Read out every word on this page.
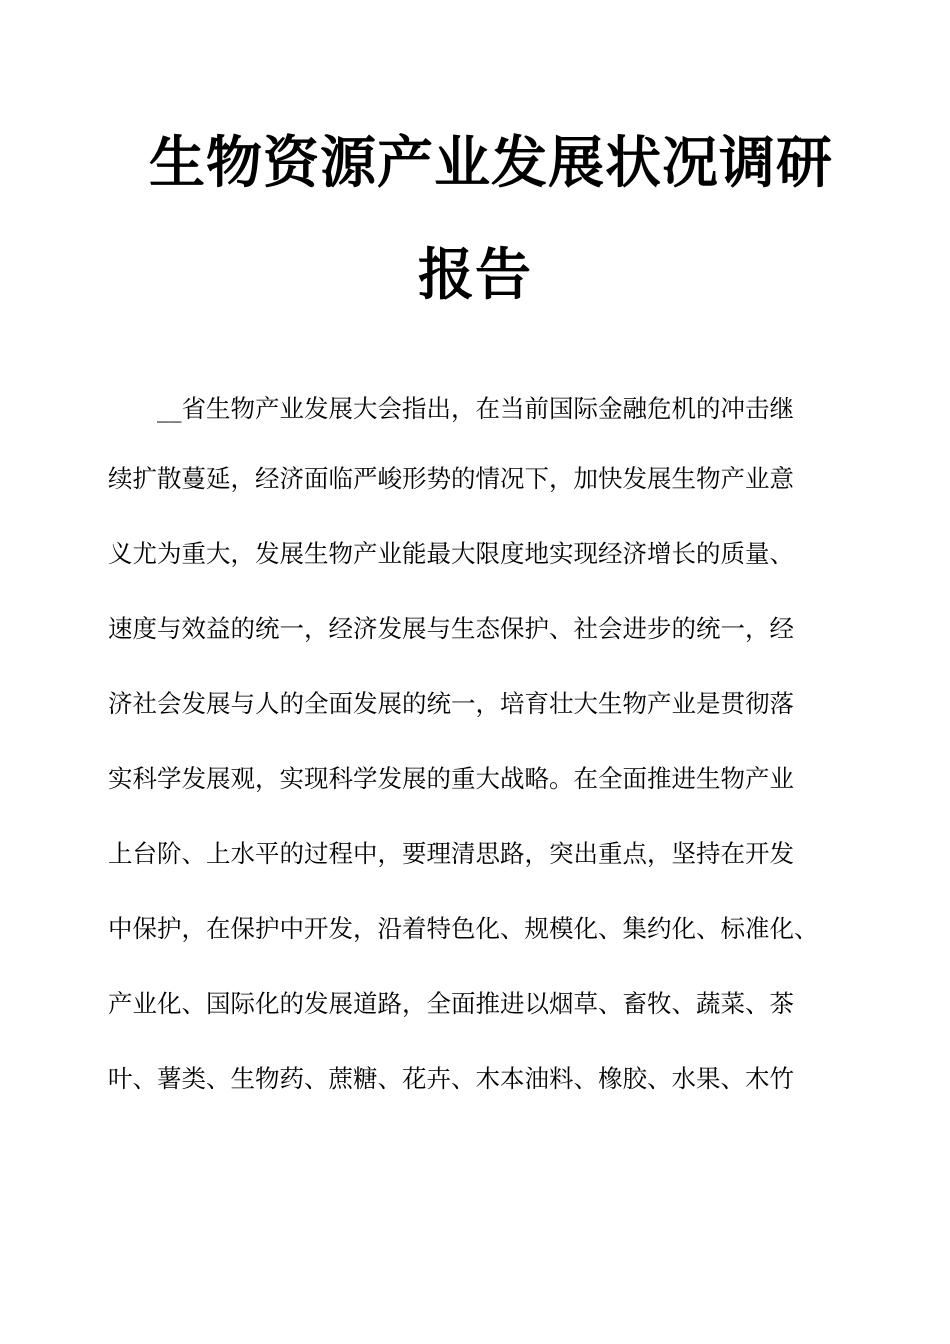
生物资源产业发展状况调研
报告
__省生物产业发展大会指出，在当前国际金融危机的冲击继
续扩散蔓延，经济面临严峻形势的情况下，加快发展生物产业意
义尤为重大，发展生物产业能最大限度地实现经济增长的质量、
速度与效益的统一，经济发展与生态保护、社会进步的统一，经
济社会发展与人的全面发展的统一，培育壮大生物产业是贯彻落
实科学发展观，实现科学发展的重大战略。在全面推进生物产业
上台阶、上水平的过程中，要理清思路，突出重点，坚持在开发
中保护，在保护中开发，沿着特色化、规模化、集约化、标准化、
产业化、国际化的发展道路，全面推进以烟草、畜牧、蔬菜、茶
叶、薯类、生物药、蔗糖、花卉、木本油料、橡胶、水果、木竹
